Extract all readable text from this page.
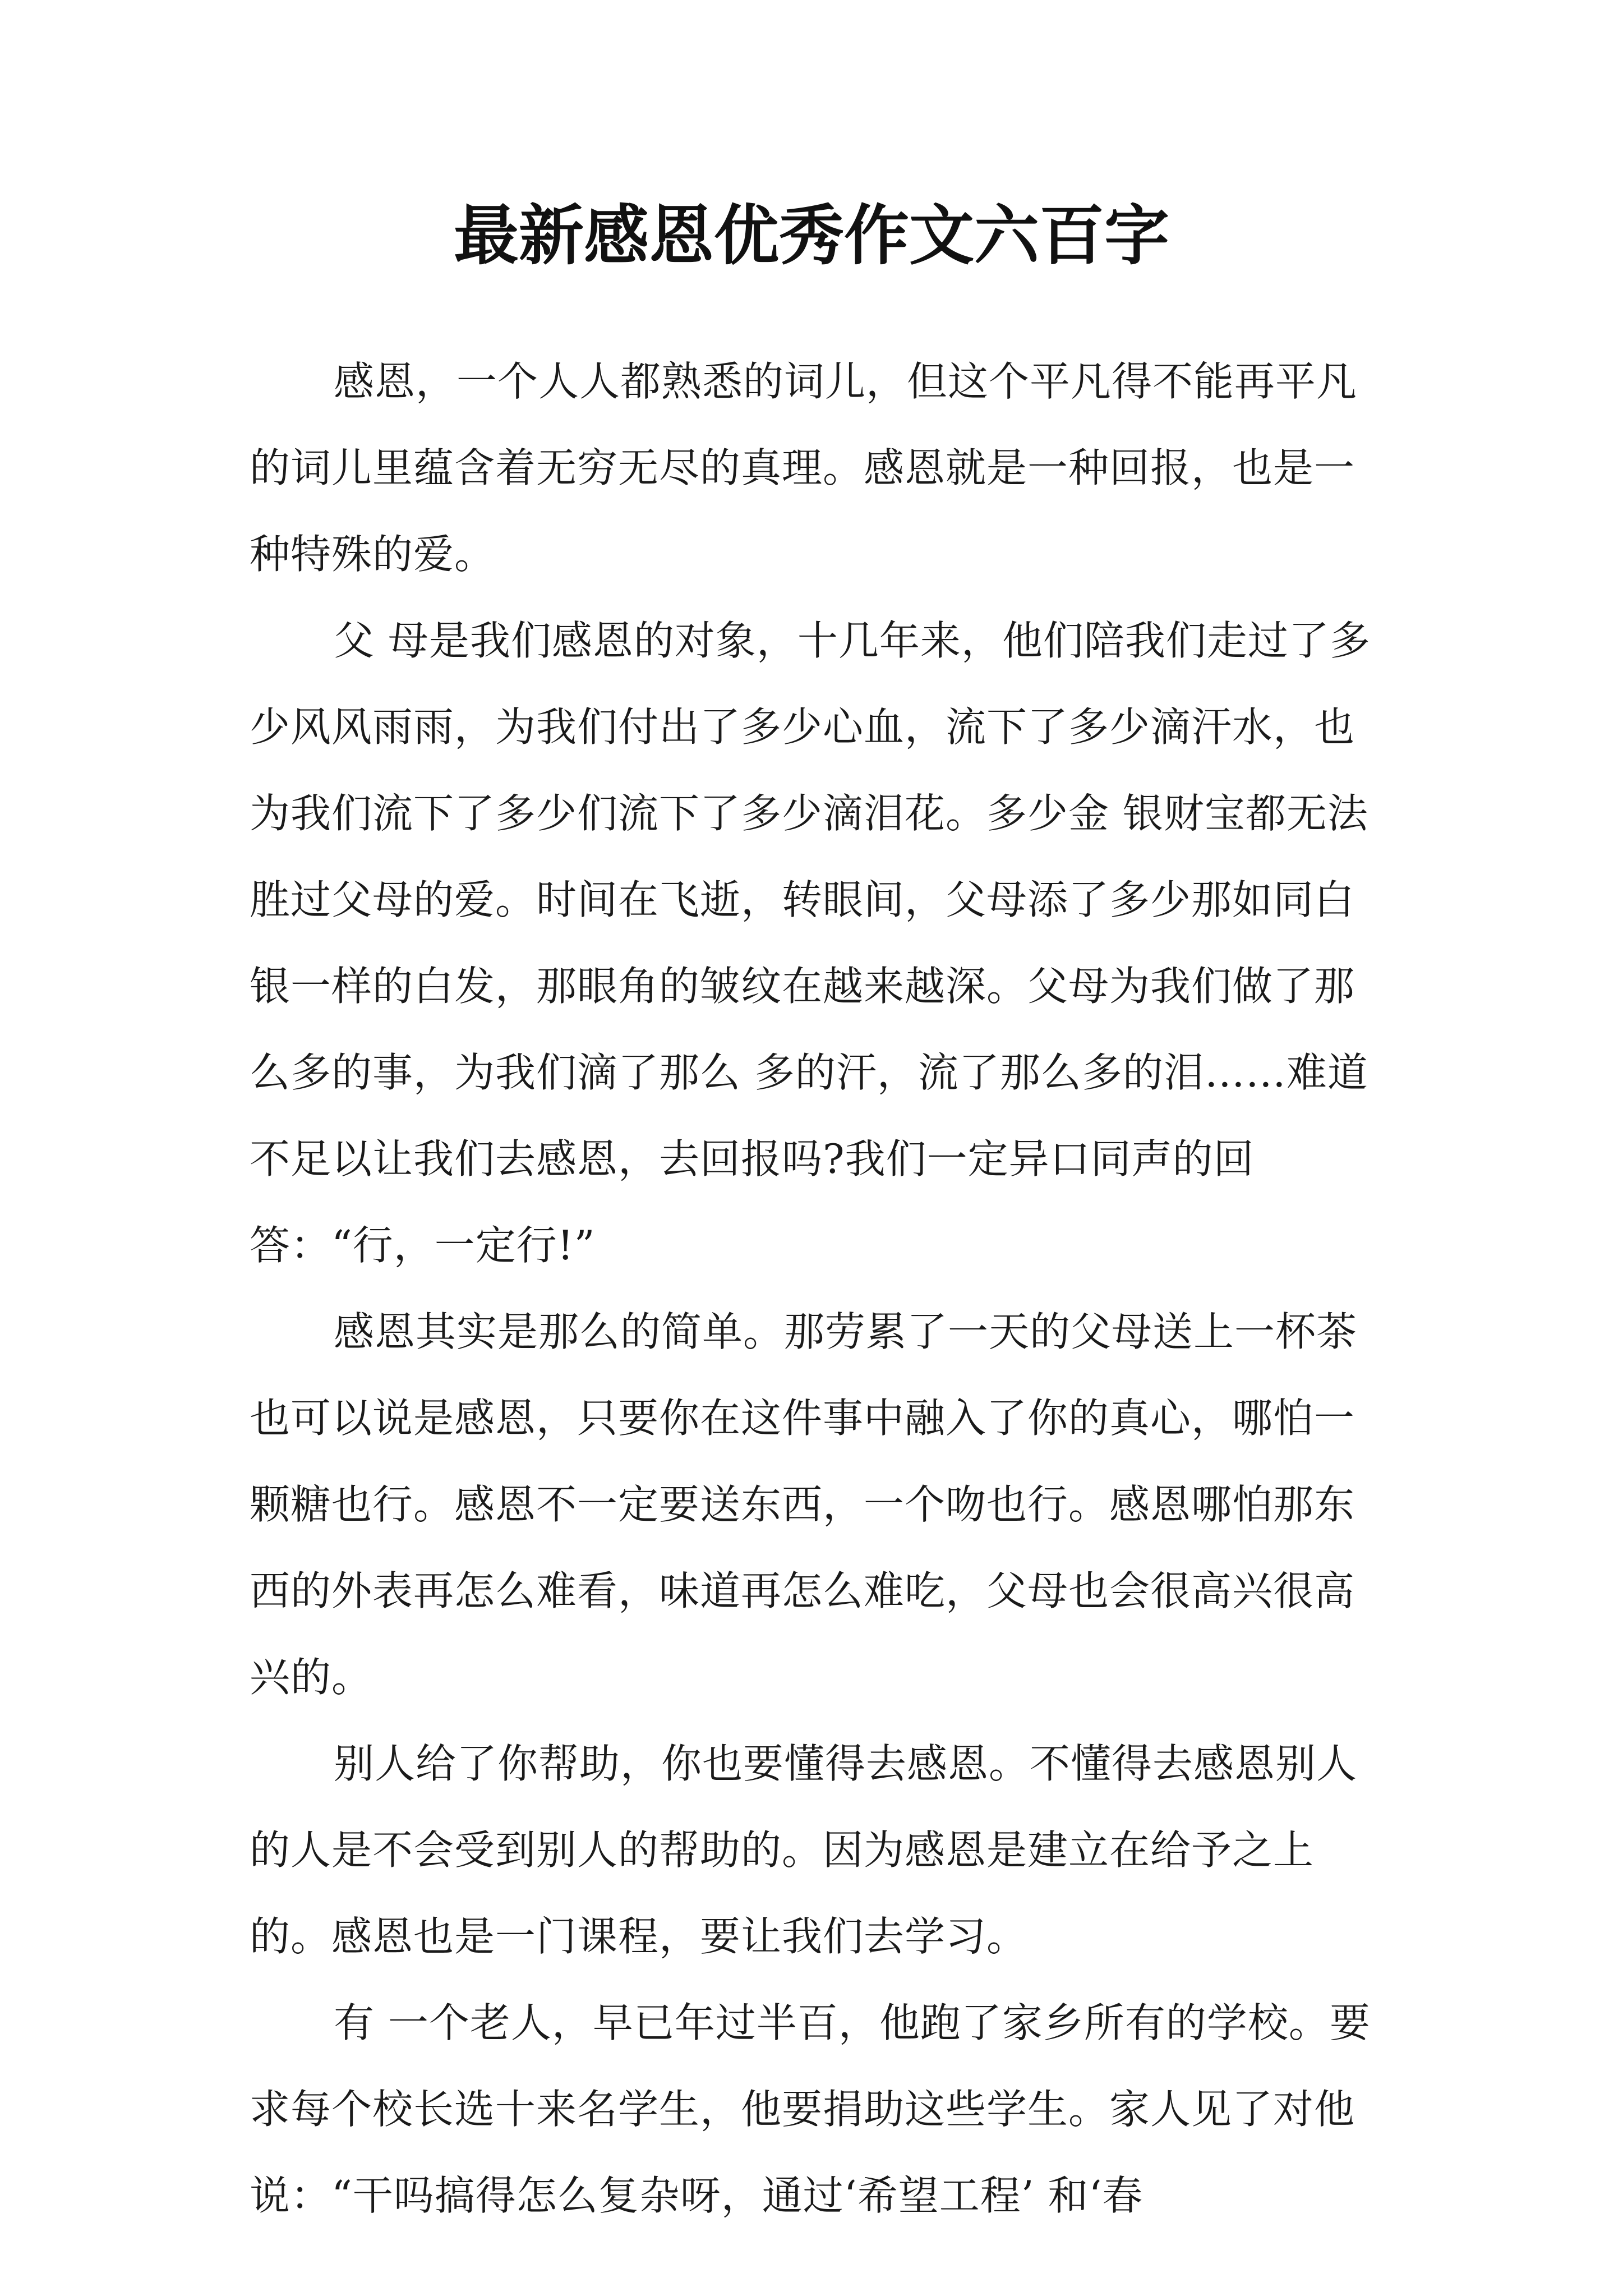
最新感恩优秀作文六百字

感恩，一个人人都熟悉的词儿，但这个平凡得不能再平凡的词儿里蕴含着无穷无尽的真理。感恩就是一种回报，也是一种特殊的爱。

父 母是我们感恩的对象，十几年来，他们陪我们走过了多少风风雨雨，为我们付出了多少心血，流下了多少滴汗水，也为我们流下了多少们流下了多少滴泪花。多少金 银财宝都无法胜过父母的爱。时间在飞逝，转眼间，父母添了多少那如同白银一样的白发，那眼角的皱纹在越来越深。父母为我们做了那么多的事，为我们滴了那么 多的汗，流了那么多的泪……难道不足以让我们去感恩，去回报吗?我们一定异口同声的回答：“行，一定行!”

感恩其实是那么的简单。那劳累了一天的父母送上一杯茶也可以说是感恩，只要你在这件事中融入了你的真心，哪怕一颗糖也行。感恩不一定要送东西，一个吻也行。感恩哪怕那东西的外表再怎么难看，味道再怎么难吃，父母也会很高兴很高兴的。

别人给了你帮助，你也要懂得去感恩。不懂得去感恩别人的人是不会受到别人的帮助的。因为感恩是建立在给予之上的。感恩也是一门课程，要让我们去学习。

有 一个老人，早已年过半百，他跑了家乡所有的学校。要求每个校长选十来名学生，他要捐助这些学生。家人见了对他说：“干吗搞得怎么复杂呀，通过‘希望工程’ 和‘春
